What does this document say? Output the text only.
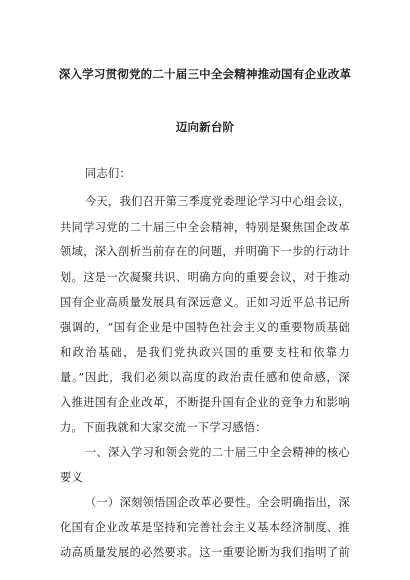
深入学习贯彻党的二十届三中全会精神推动国有企业改革
迈向新台阶
同志们：
今天，我们召开第三季度党委理论学习中心组会议，
共同学习党的二十届三中全会精神，特别是聚焦国企改革
领域，深入剖析当前存在的问题，并明确下一步的行动计
划。这是一次凝聚共识、明确方向的重要会议，对于推动
国有企业高质量发展具有深远意义。正如习近平总书记所
强调的，“国有企业是中国特色社会主义的重要物质基础
和政治基础，是我们党执政兴国的重要支柱和依靠力
量。”因此，我们必须以高度的政治责任感和使命感，深
入推进国有企业改革，不断提升国有企业的竞争力和影响
力。下面我就和大家交流一下学习感悟：
一、深入学习和领会党的二十届三中全会精神的核心
要义
（一）深刻领悟国企改革必要性。全会明确指出，深
化国有企业改革是坚持和完善社会主义基本经济制度、推
动高质量发展的必然要求。这一重要论断为我们指明了前
